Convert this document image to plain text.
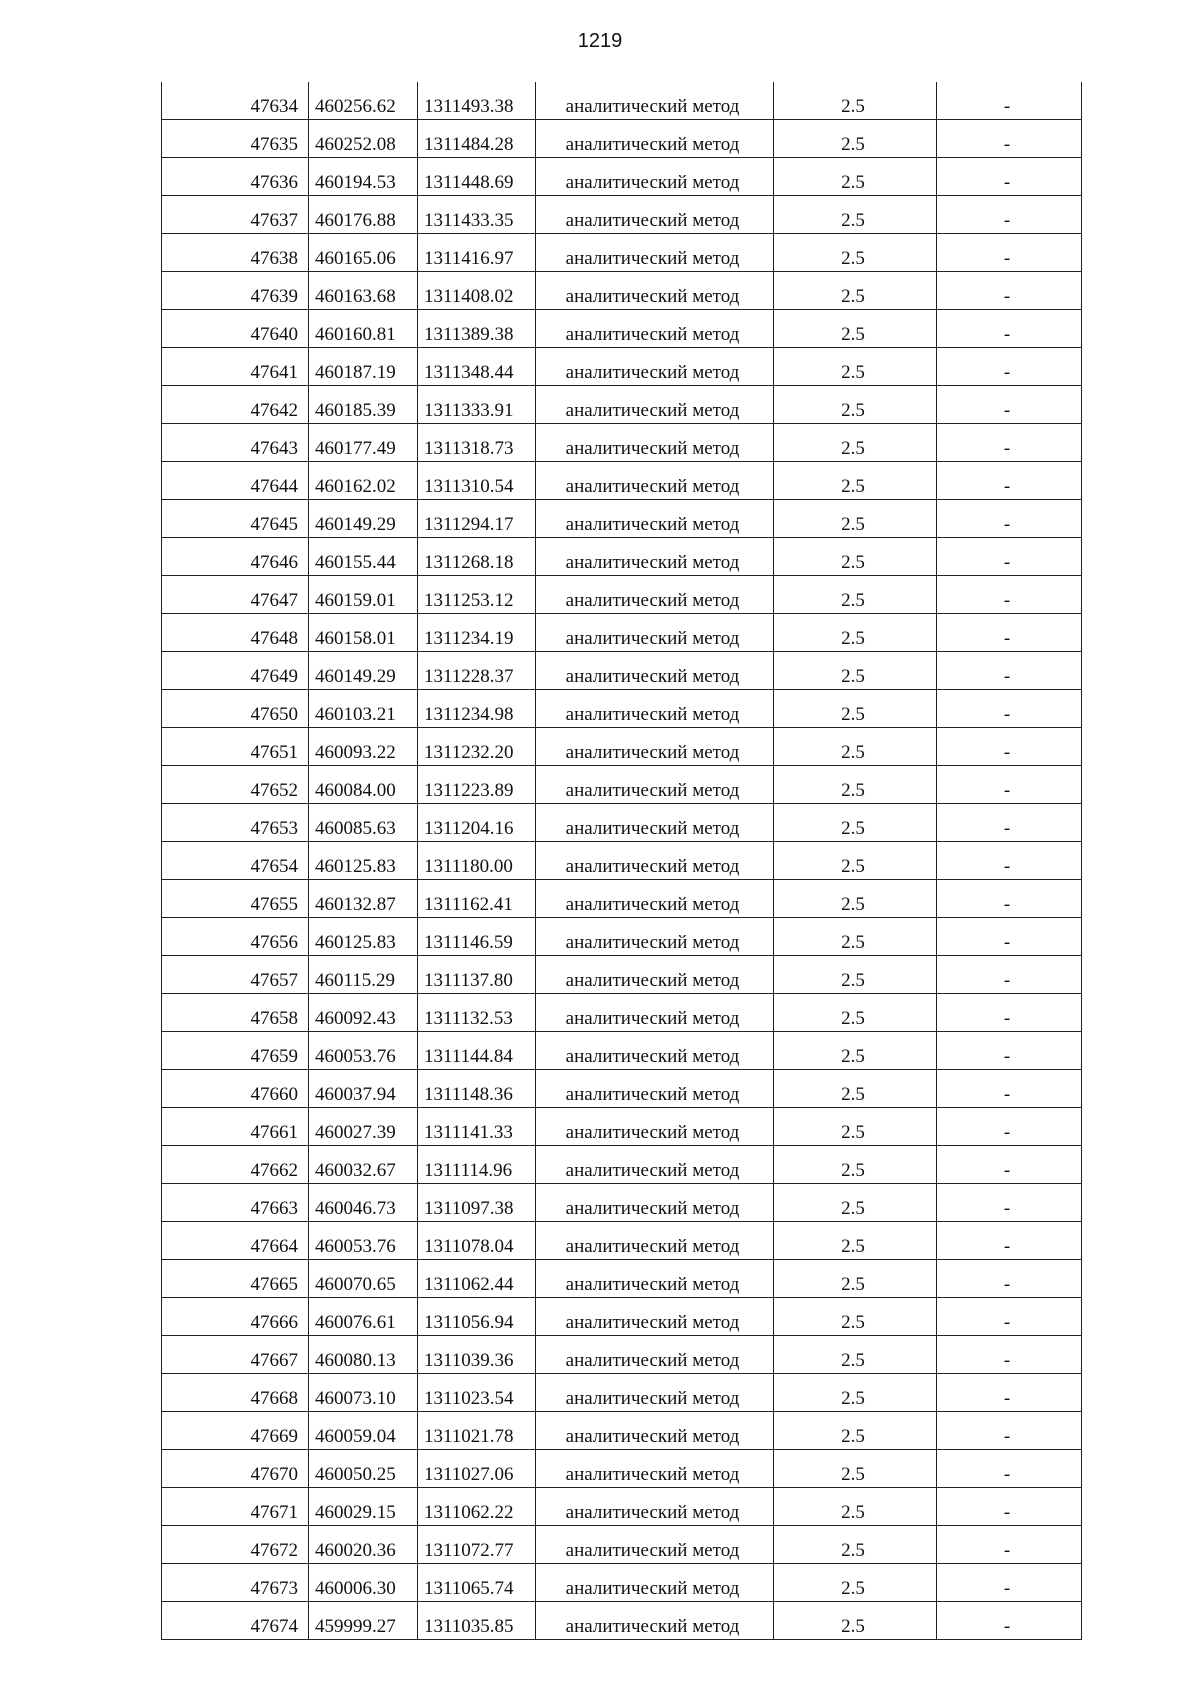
1219
47634	460256.62	1311493.38	аналитический метод	2.5	-
47635	460252.08	1311484.28	аналитический метод	2.5	-
47636	460194.53	1311448.69	аналитический метод	2.5	-
47637	460176.88	1311433.35	аналитический метод	2.5	-
47638	460165.06	1311416.97	аналитический метод	2.5	-
47639	460163.68	1311408.02	аналитический метод	2.5	-
47640	460160.81	1311389.38	аналитический метод	2.5	-
47641	460187.19	1311348.44	аналитический метод	2.5	-
47642	460185.39	1311333.91	аналитический метод	2.5	-
47643	460177.49	1311318.73	аналитический метод	2.5	-
47644	460162.02	1311310.54	аналитический метод	2.5	-
47645	460149.29	1311294.17	аналитический метод	2.5	-
47646	460155.44	1311268.18	аналитический метод	2.5	-
47647	460159.01	1311253.12	аналитический метод	2.5	-
47648	460158.01	1311234.19	аналитический метод	2.5	-
47649	460149.29	1311228.37	аналитический метод	2.5	-
47650	460103.21	1311234.98	аналитический метод	2.5	-
47651	460093.22	1311232.20	аналитический метод	2.5	-
47652	460084.00	1311223.89	аналитический метод	2.5	-
47653	460085.63	1311204.16	аналитический метод	2.5	-
47654	460125.83	1311180.00	аналитический метод	2.5	-
47655	460132.87	1311162.41	аналитический метод	2.5	-
47656	460125.83	1311146.59	аналитический метод	2.5	-
47657	460115.29	1311137.80	аналитический метод	2.5	-
47658	460092.43	1311132.53	аналитический метод	2.5	-
47659	460053.76	1311144.84	аналитический метод	2.5	-
47660	460037.94	1311148.36	аналитический метод	2.5	-
47661	460027.39	1311141.33	аналитический метод	2.5	-
47662	460032.67	1311114.96	аналитический метод	2.5	-
47663	460046.73	1311097.38	аналитический метод	2.5	-
47664	460053.76	1311078.04	аналитический метод	2.5	-
47665	460070.65	1311062.44	аналитический метод	2.5	-
47666	460076.61	1311056.94	аналитический метод	2.5	-
47667	460080.13	1311039.36	аналитический метод	2.5	-
47668	460073.10	1311023.54	аналитический метод	2.5	-
47669	460059.04	1311021.78	аналитический метод	2.5	-
47670	460050.25	1311027.06	аналитический метод	2.5	-
47671	460029.15	1311062.22	аналитический метод	2.5	-
47672	460020.36	1311072.77	аналитический метод	2.5	-
47673	460006.30	1311065.74	аналитический метод	2.5	-
47674	459999.27	1311035.85	аналитический метод	2.5	-
